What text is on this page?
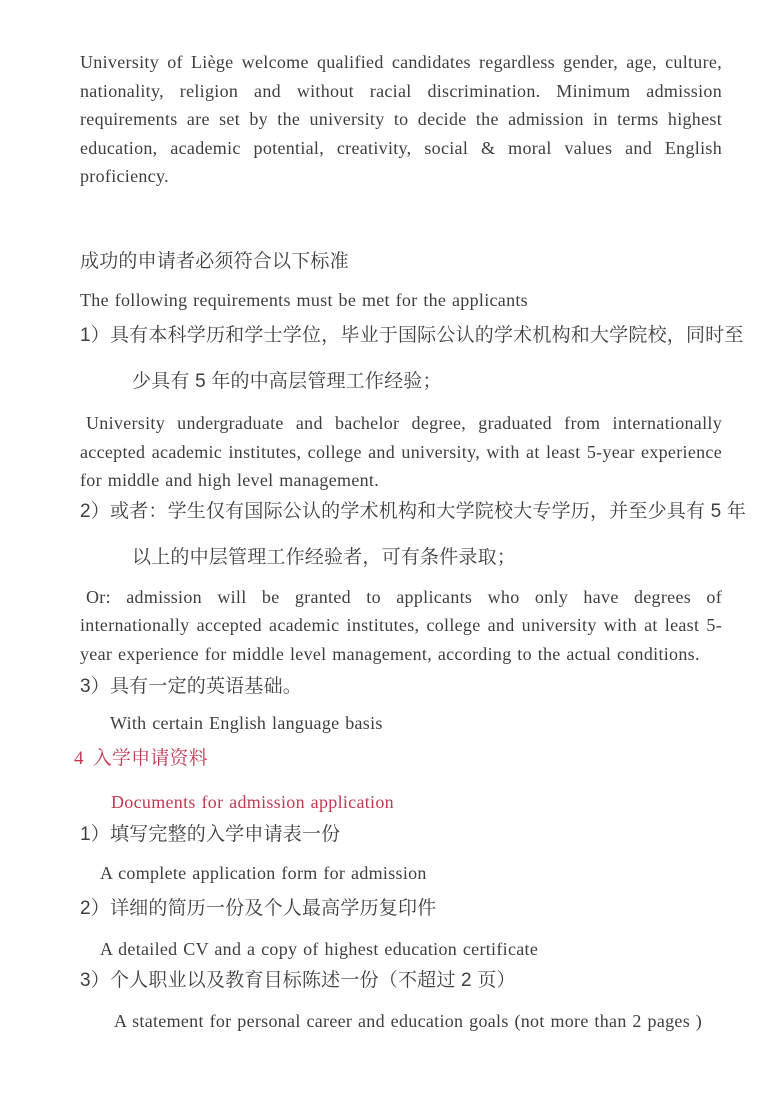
University of Liège welcome qualified candidates regardless gender, age, culture, nationality, religion and without racial discrimination. Minimum admission requirements are set by the university to decide the admission in terms highest education, academic potential, creativity, social & moral values and English proficiency.

成功的申请者必须符合以下标准

The following requirements must be met for the applicants

1）具有本科学历和学士学位，毕业于国际公认的学术机构和大学院校，同时至

少具有 5 年的中高层管理工作经验；

University undergraduate and bachelor degree, graduated from internationally accepted academic institutes, college and university, with at least 5-year experience for middle and high level management.

2）或者：学生仅有国际公认的学术机构和大学院校大专学历，并至少具有 5 年

以上的中层管理工作经验者，可有条件录取；

Or: admission will be granted to applicants who only have degrees of internationally accepted academic institutes, college and university with at least 5-year experience for middle level management, according to the actual conditions.

3）具有一定的英语基础。

With certain English language basis

4 入学申请资料

Documents for admission application

1）填写完整的入学申请表一份

A complete application form for admission

2）详细的简历一份及个人最高学历复印件

A detailed CV and a copy of highest education certificate

3）个人职业以及教育目标陈述一份（不超过 2 页）

A statement for personal career and education goals (not more than 2 pages )
